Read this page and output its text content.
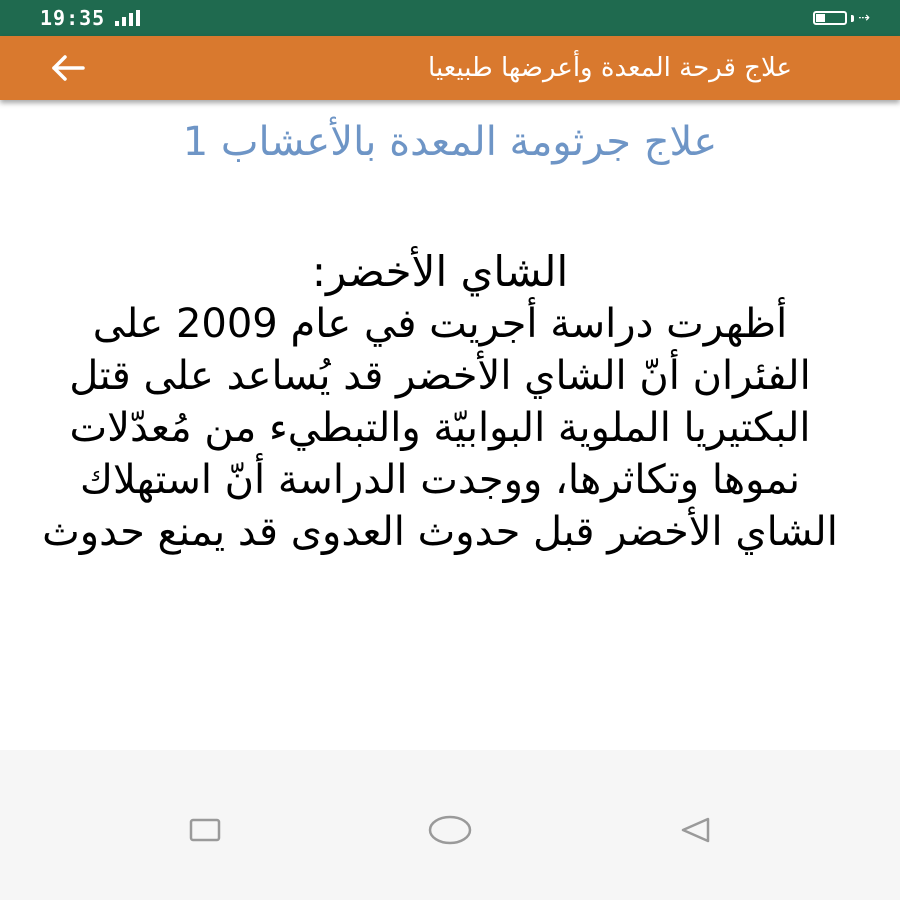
19:35	⇢
علاج قرحة المعدة وأعرضها طبيعيا
علاج جرثومة المعدة بالأعشاب 1
الشاي الأخضر:
أظهرت دراسة أجريت في عام 2009 على الفئران أنّ الشاي الأخضر قد يُساعد على قتل البكتيريا الملوية البوابيّة والتبطيء من مُعدّلات نموها وتكاثرها، ووجدت الدراسة أنّ استهلاك الشاي الأخضر قبل حدوث العدوى قد يمنع حدوث
